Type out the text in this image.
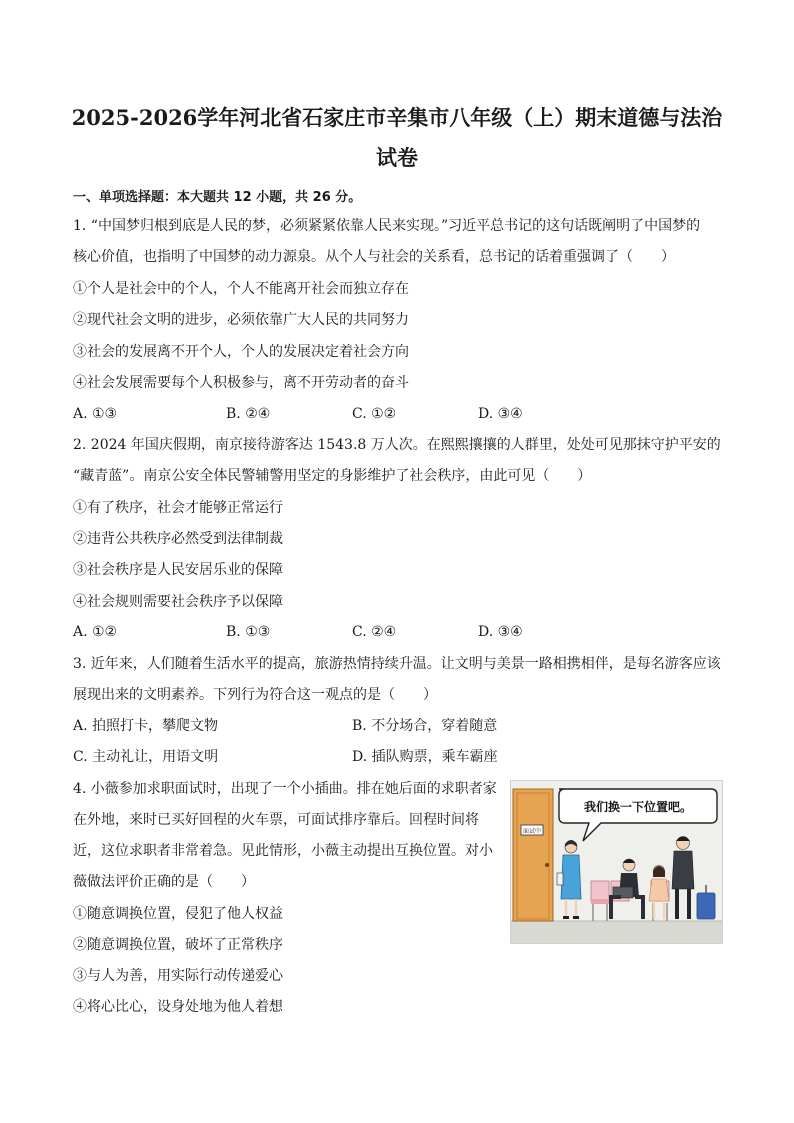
2025-2026学年河北省石家庄市辛集市八年级（上）期末道德与法治
试卷
一、单项选择题：本大题共 12 小题，共 26 分。
1. “中国梦归根到底是人民的梦，必须紧紧依靠人民来实现。”习近平总书记的这句话既阐明了中国梦的
核心价值，也指明了中国梦的动力源泉。从个人与社会的关系看，总书记的话着重强调了（　　）
①个人是社会中的个人，个人不能离开社会而独立存在
②现代社会文明的进步，必须依靠广大人民的共同努力
③社会的发展离不开个人，个人的发展决定着社会方向
④社会发展需要每个人积极参与，离不开劳动者的奋斗
A. ①③	B. ②④	C. ①②	D. ③④
2. 2024 年国庆假期，南京接待游客达 1543.8 万人次。在熙熙攘攘的人群里，处处可见那抹守护平安的
“藏青蓝”。南京公安全体民警辅警用坚定的身影维护了社会秩序，由此可见（　　）
①有了秩序，社会才能够正常运行
②违背公共秩序必然受到法律制裁
③社会秩序是人民安居乐业的保障
④社会规则需要社会秩序予以保障
A. ①②	B. ①③	C. ②④	D. ③④
3. 近年来，人们随着生活水平的提高，旅游热情持续升温。让文明与美景一路相携相伴，是每名游客应该
展现出来的文明素养。下列行为符合这一观点的是（　　）
A. 拍照打卡，攀爬文物	B. 不分场合，穿着随意
C. 主动礼让，用语文明	D. 插队购票，乘车霸座
4. 小薇参加求职面试时，出现了一个小插曲。排在她后面的求职者家
在外地，来时已买好回程的火车票，可面试排序靠后。回程时间将
近，这位求职者非常着急。见此情形，小薇主动提出互换位置。对小
薇做法评价正确的是（　　）
①随意调换位置，侵犯了他人权益
②随意调换位置，破坏了正常秩序
③与人为善，用实际行动传递爱心
④将心比心，设身处地为他人着想
面试中
我们换一下位置吧。
